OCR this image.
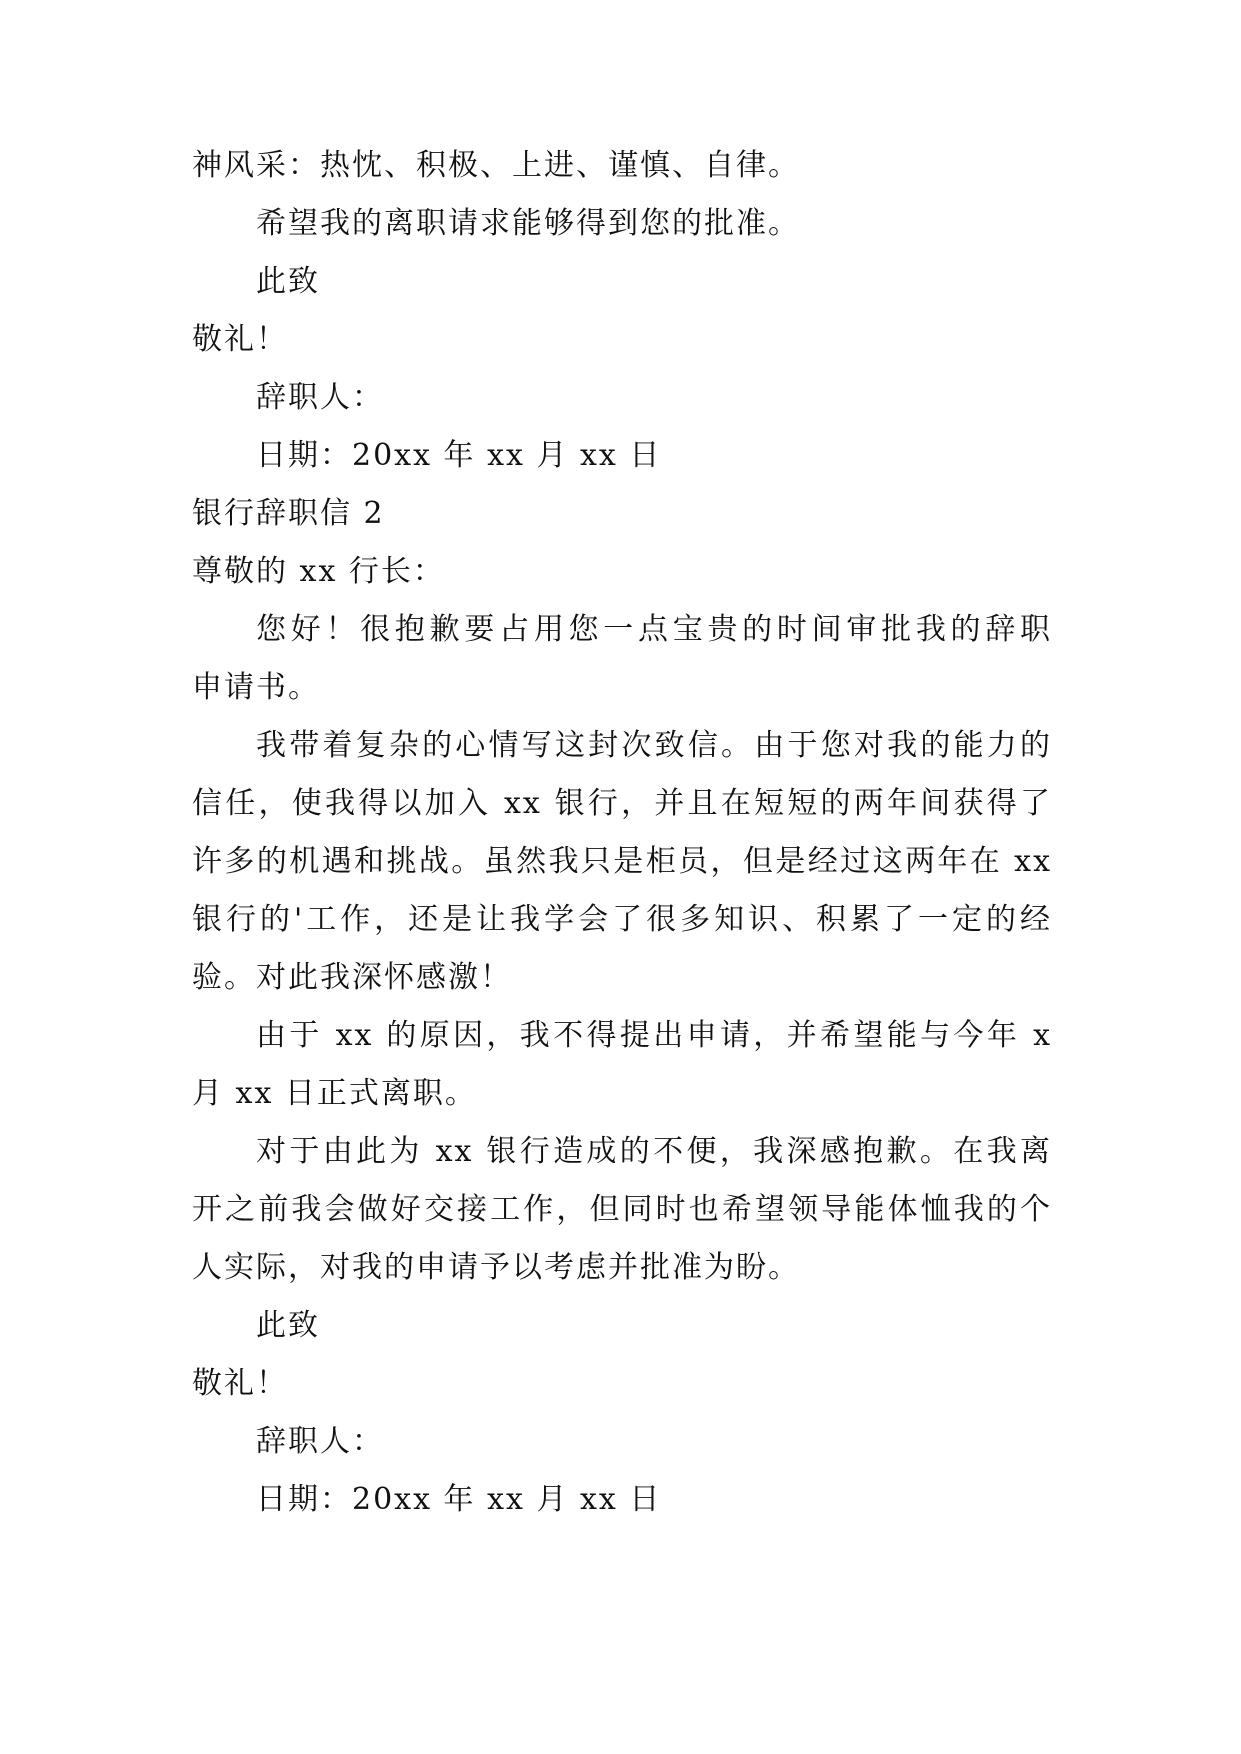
神风采：热忱、积极、上进、谨慎、自律。
希望我的离职请求能够得到您的批准。
此致
敬礼！
辞职人：
日期：20xx 年 xx 月 xx 日
银行辞职信 2
尊敬的 xx 行长：
您好！很抱歉要占用您一点宝贵的时间审批我的辞职
申请书。
我带着复杂的心情写这封次致信。由于您对我的能力的
信任，使我得以加入 xx 银行，并且在短短的两年间获得了
许多的机遇和挑战。虽然我只是柜员，但是经过这两年在 xx
银行的'工作，还是让我学会了很多知识、积累了一定的经
验。对此我深怀感激！
由于 xx 的原因，我不得提出申请，并希望能与今年 x
月 xx 日正式离职。
对于由此为 xx 银行造成的不便，我深感抱歉。在我离
开之前我会做好交接工作，但同时也希望领导能体恤我的个
人实际，对我的申请予以考虑并批准为盼。
此致
敬礼！
辞职人：
日期：20xx 年 xx 月 xx 日
